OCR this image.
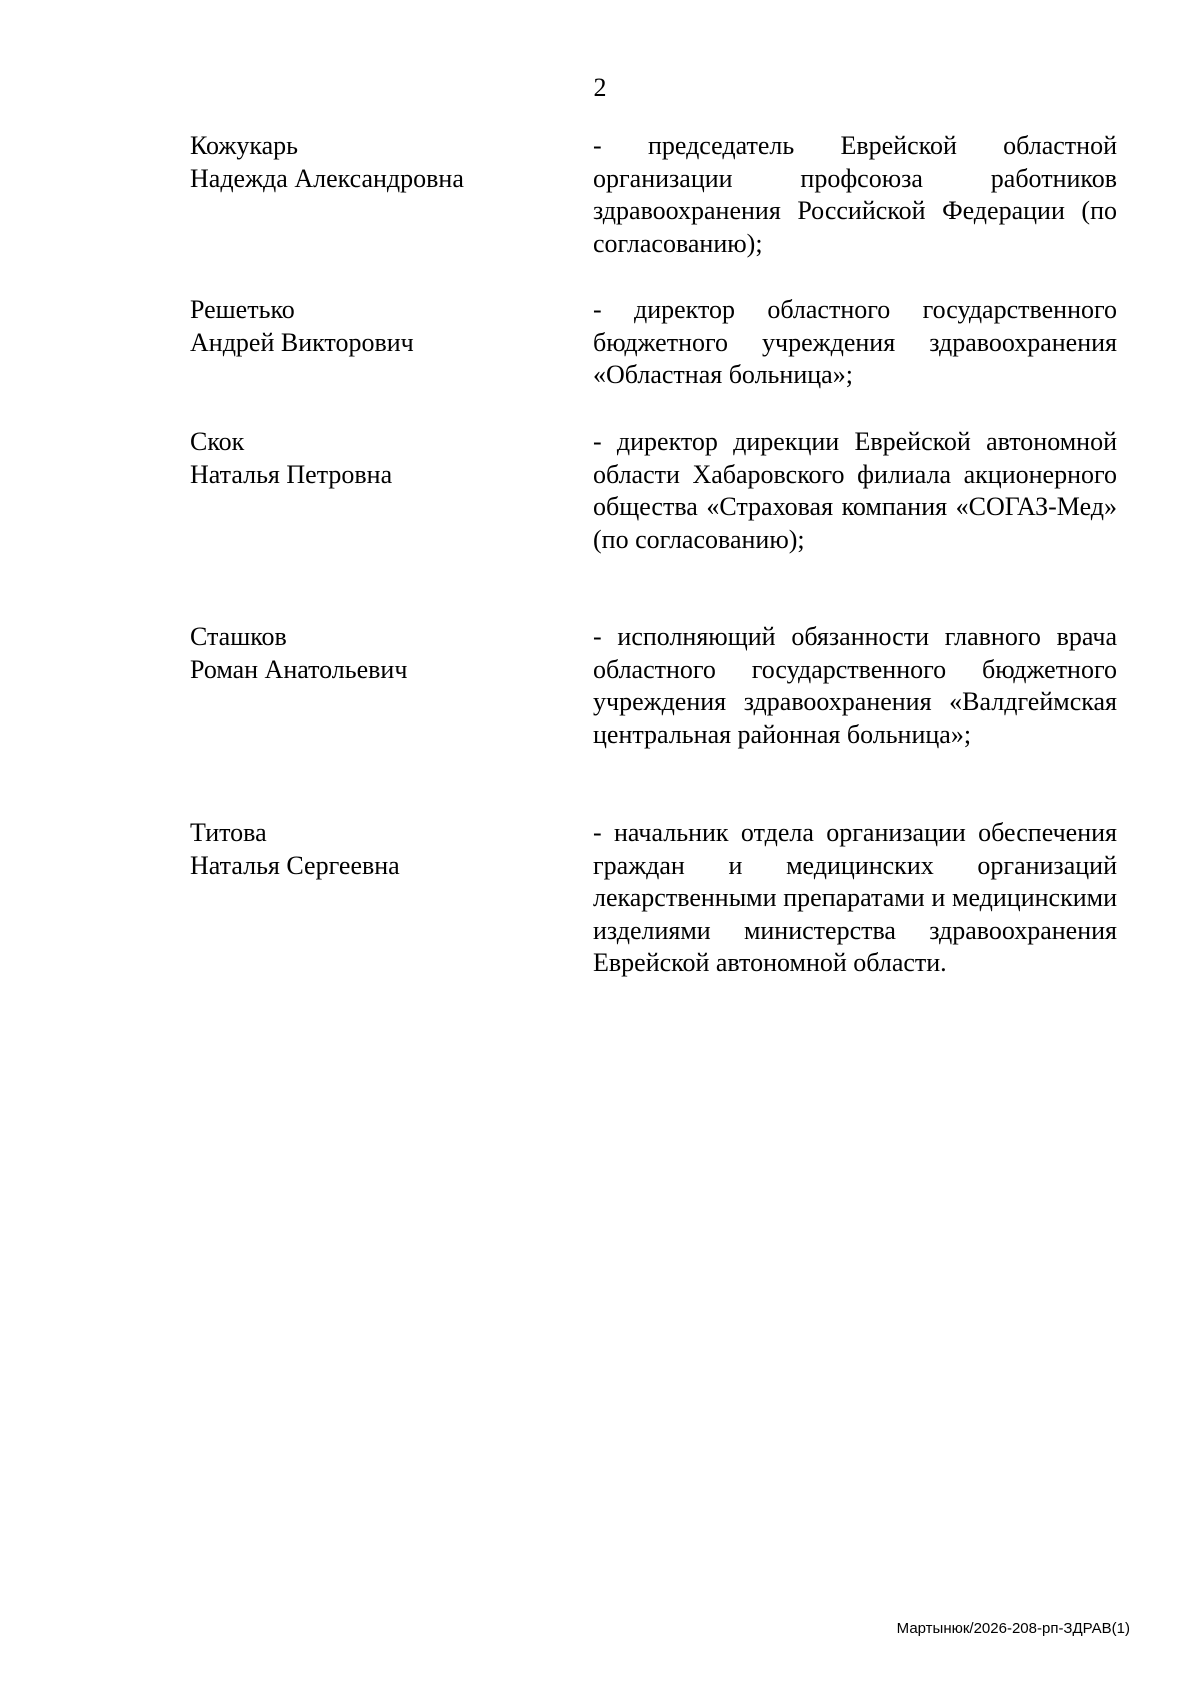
2
Кожукарь
Надежда Александровна
- председатель Еврейской областной организации профсоюза работников здравоохранения Российской Федерации (по согласованию);
Решетько
Андрей Викторович
- директор областного государственного бюджетного учреждения здравоохранения «Областная больница»;
Скок
Наталья Петровна
- директор дирекции Еврейской автономной области Хабаровского филиала акционерного общества «Страховая компания «СОГАЗ-Мед» (по согласованию);
Сташков
Роман Анатольевич
- исполняющий обязанности главного врача областного государственного бюджетного учреждения здравоохранения «Валдгеймская центральная районная больница»;
Титова
Наталья Сергеевна
- начальник отдела организации обеспечения граждан и медицинских организаций лекарственными препаратами и медицинскими изделиями министерства здравоохранения Еврейской автономной области.
Мартынюк/2026-208-рп-ЗДРАВ(1)
